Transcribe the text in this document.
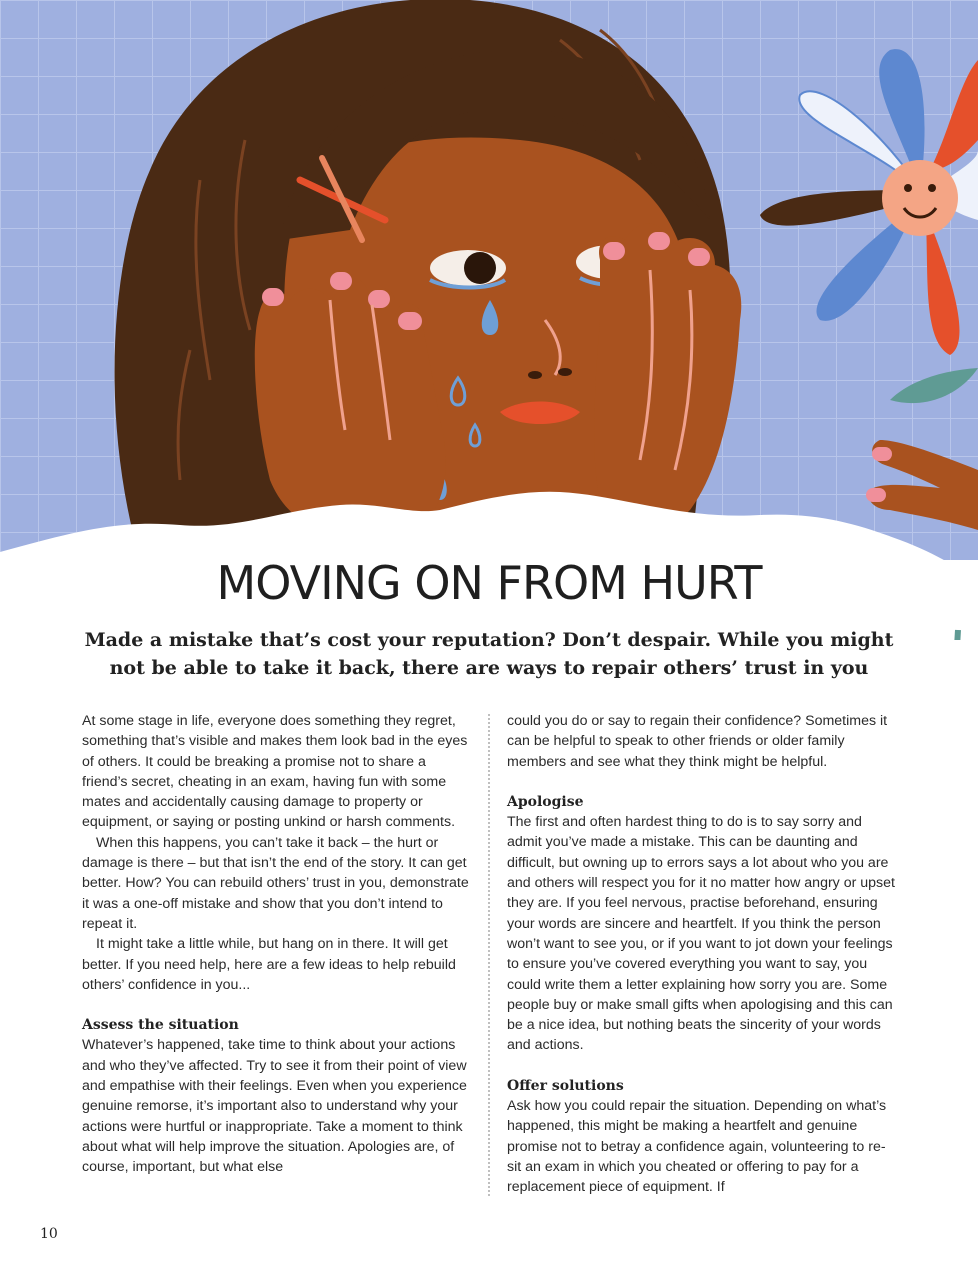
MOVING ON FROM HURT
Made a mistake that’s cost your reputation? Don’t despair. While you might
not be able to take it back, there are ways to repair others’ trust in you

At some stage in life, everyone does something they regret, something that’s visible and makes them look bad in the eyes of others. It could be breaking a promise not to share a friend’s secret, cheating in an exam, having fun with some mates and accidentally causing damage to property or equipment, or saying or posting unkind or harsh comments.

When this happens, you can’t take it back – the hurt or damage is there – but that isn’t the end of the story. It can get better. How? You can rebuild others’ trust in you, demonstrate it was a one-off mistake and show that you don’t intend to repeat it.

It might take a little while, but hang on in there. It will get better. If you need help, here are a few ideas to help rebuild others’ confidence in you...

Assess the situation

Whatever’s happened, take time to think about your actions and who they’ve affected. Try to see it from their point of view and empathise with their feelings. Even when you experience genuine remorse, it’s important also to understand why your actions were hurtful or inappropriate. Take a moment to think about what will help improve the situation. Apologies are, of course, important, but what else

could you do or say to regain their confidence? Sometimes it can be helpful to speak to other friends or older family members and see what they think might be helpful.

Apologise

The first and often hardest thing to do is to say sorry and admit you’ve made a mistake. This can be daunting and difficult, but owning up to errors says a lot about who you are and others will respect you for it no matter how angry or upset they are. If you feel nervous, practise beforehand, ensuring your words are sincere and heartfelt. If you think the person won’t want to see you, or if you want to jot down your feelings to ensure you’ve covered everything you want to say, you could write them a letter explaining how sorry you are. Some people buy or make small gifts when apologising and this can be a nice idea, but nothing beats the sincerity of your words and actions.

Offer solutions

Ask how you could repair the situation. Depending on what’s happened, this might be making a heartfelt and genuine promise not to betray a confidence again, volunteering to re-sit an exam in which you cheated or offering to pay for a replacement piece of equipment. If

10
